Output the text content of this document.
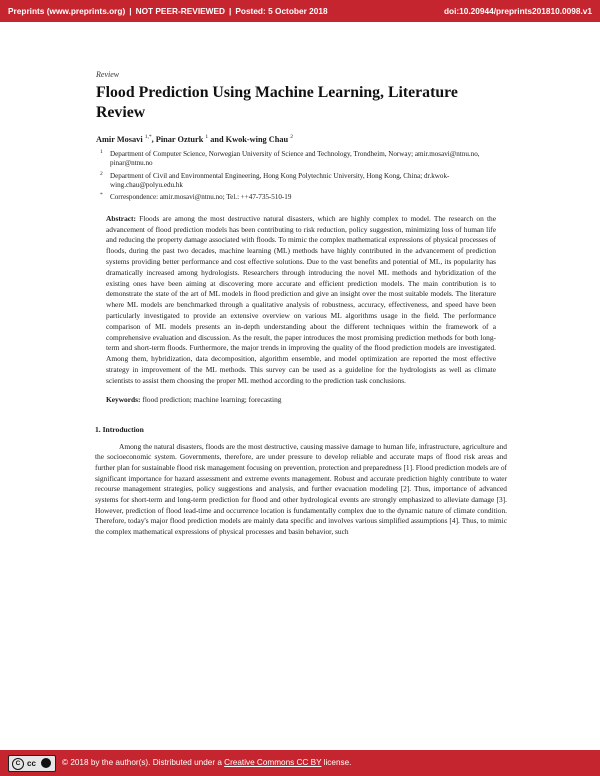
Preprints (www.preprints.org) | NOT PEER-REVIEWED | Posted: 5 October 2018	doi:10.20944/preprints201810.0098.v1
Review
Flood Prediction Using Machine Learning, Literature Review
Amir Mosavi $^{1,*}$, Pinar Ozturk $^1$ and Kwok-wing Chau $^2$
1 Department of Computer Science, Norwegian University of Science and Technology, Trondheim, Norway; amir.mosavi@ntnu.no, pinar@ntnu.no
2 Department of Civil and Environmental Engineering, Hong Kong Polytechnic University, Hong Kong, China; dr.kwok-wing.chau@polyu.edu.hk
* Correspondence: amir.mosavi@ntnu.no; Tel.: ++47-735-510-19
Abstract: Floods are among the most destructive natural disasters, which are highly complex to model. The research on the advancement of flood prediction models has been contributing to risk reduction, policy suggestion, minimizing loss of human life and reducing the property damage associated with floods. To mimic the complex mathematical expressions of physical processes of floods, during the past two decades, machine learning (ML) methods have highly contributed in the advancement of prediction systems providing better performance and cost effective solutions. Due to the vast benefits and potential of ML, its popularity has dramatically increased among hydrologists. Researchers through introducing the novel ML methods and hybridization of the existing ones have been aiming at discovering more accurate and efficient prediction models. The main contribution is to demonstrate the state of the art of ML models in flood prediction and give an insight over the most suitable models. The literature where ML models are benchmarked through a qualitative analysis of robustness, accuracy, effectiveness, and speed have been particularly investigated to provide an extensive overview on various ML algorithms usage in the field. The performance comparison of ML models presents an in-depth understanding about the different techniques within the framework of a comprehensive evaluation and discussion. As the result, the paper introduces the most promising prediction methods for both long-term and short-term floods. Furthermore, the major trends in improving the quality of the flood prediction models are investigated. Among them, hybridization, data decomposition, algorithm ensemble, and model optimization are reported the most effective strategy in improvement of the ML methods. This survey can be used as a guideline for the hydrologists as well as climate scientists to assist them choosing the proper ML method according to the prediction task conclusions.
Keywords: flood prediction; machine learning; forecasting
1. Introduction
Among the natural disasters, floods are the most destructive, causing massive damage to human life, infrastructure, agriculture and the socioeconomic system. Governments, therefore, are under pressure to develop reliable and accurate maps of flood risk areas and further plan for sustainable flood risk management focusing on prevention, protection and preparedness [1]. Flood prediction models are of significant importance for hazard assessment and extreme events management. Robust and accurate prediction highly contribute to water recourse management strategies, policy suggestions and analysis, and further evacuation modeling [2]. Thus, importance of advanced systems for short-term and long-term prediction for flood and other hydrological events are strongly emphasized to alleviate damage [3]. However, prediction of flood lead-time and occurrence location is fundamentally complex due to the dynamic nature of climate condition. Therefore, today's major flood prediction models are mainly data specific and involves various simplified assumptions [4]. Thus, to mimic the complex mathematical expressions of physical processes and basin behavior, such
C cc	© 2018 by the author(s). Distributed under a Creative Commons CC BY license.
